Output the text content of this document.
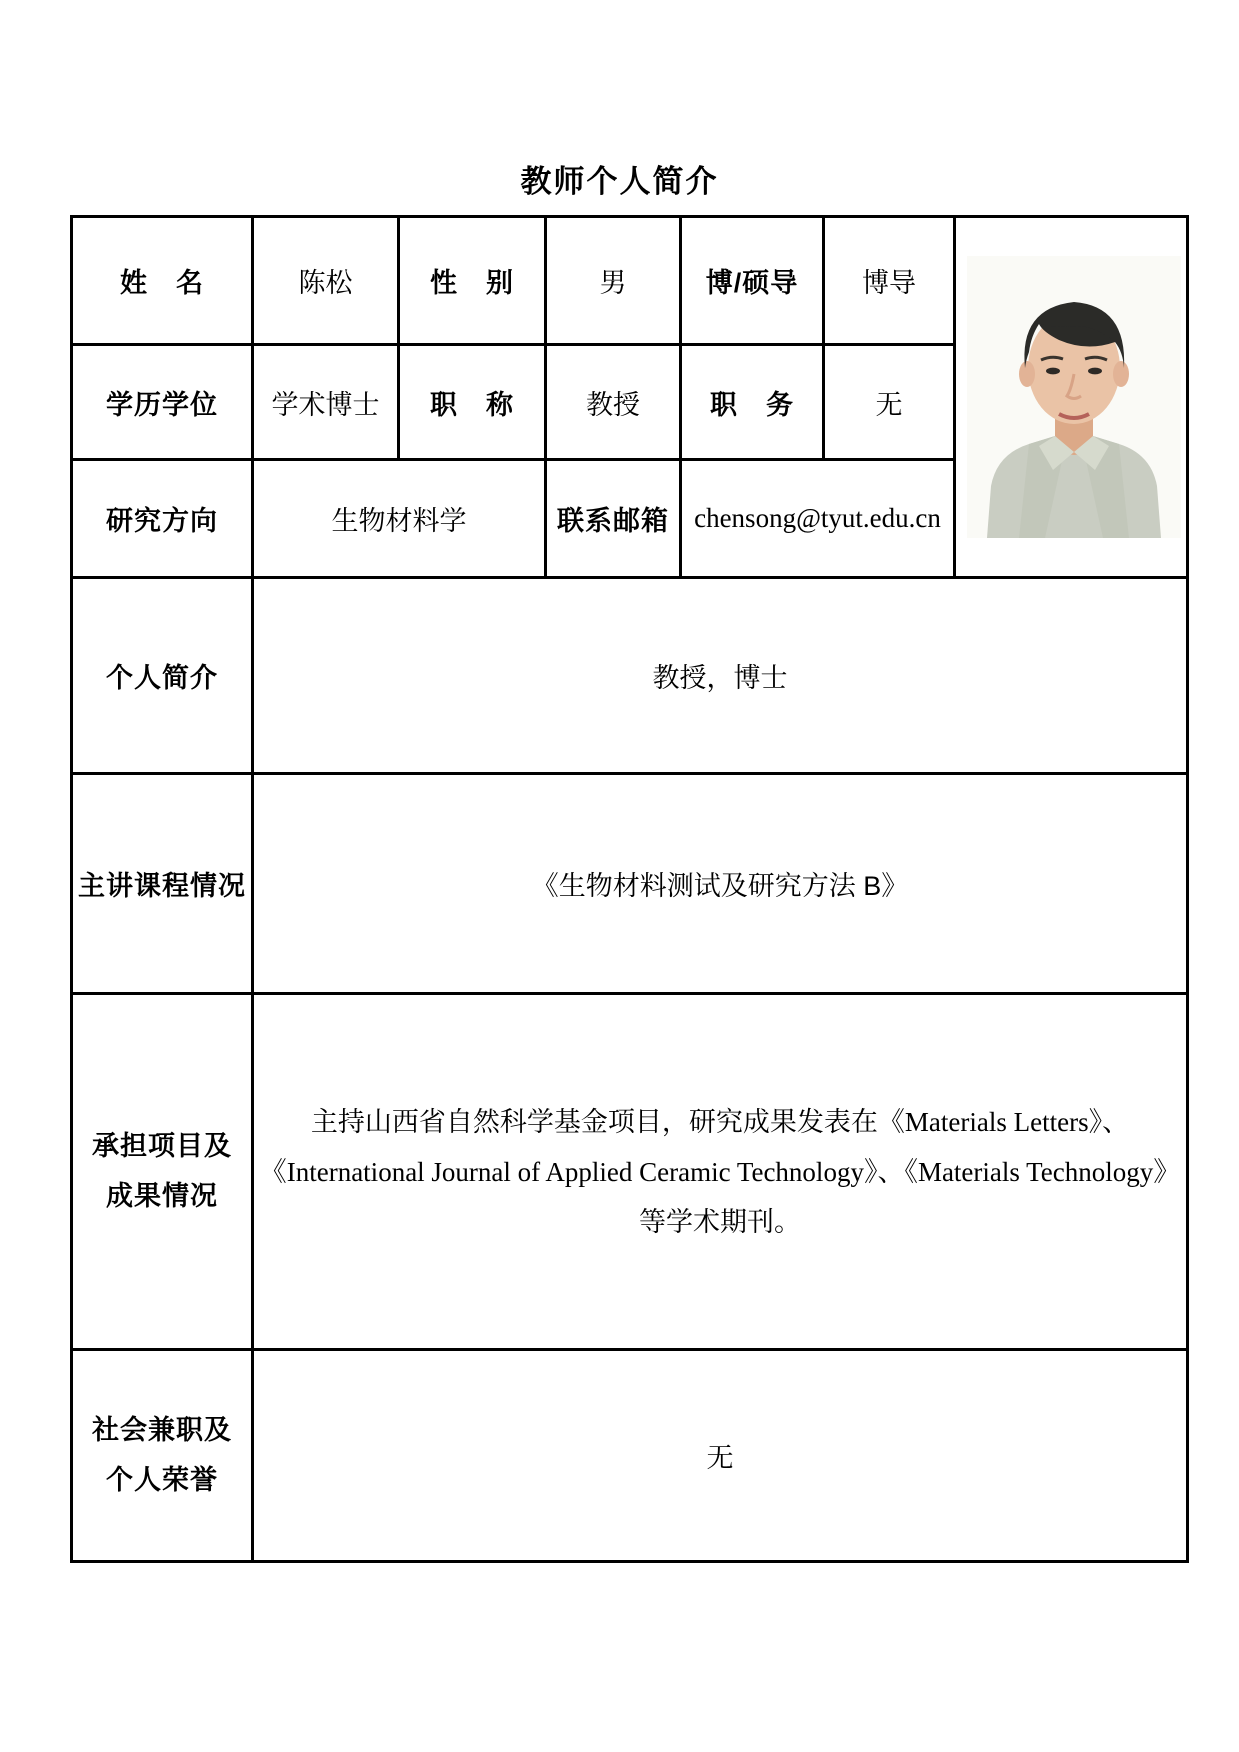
教师个人简介
姓　名	陈松	性　别	男	博/硕导	博导	

学历学位	学术博士	职　称	教授	职　务	无	
研究方向	生物材料学		联系邮箱	chensong@tyut.edu.cn		
个人简介	教授，博士					
主讲课程情况	《生物材料测试及研究方法 B》					

承担项目及
成果情况	主持山西省自然科学基金项目，研究成果发表在《Materials Letters》、《International Journal of Applied Ceramic Technology》、《Materials Technology》等学术期刊。					

社会兼职及
个人荣誉	无					
